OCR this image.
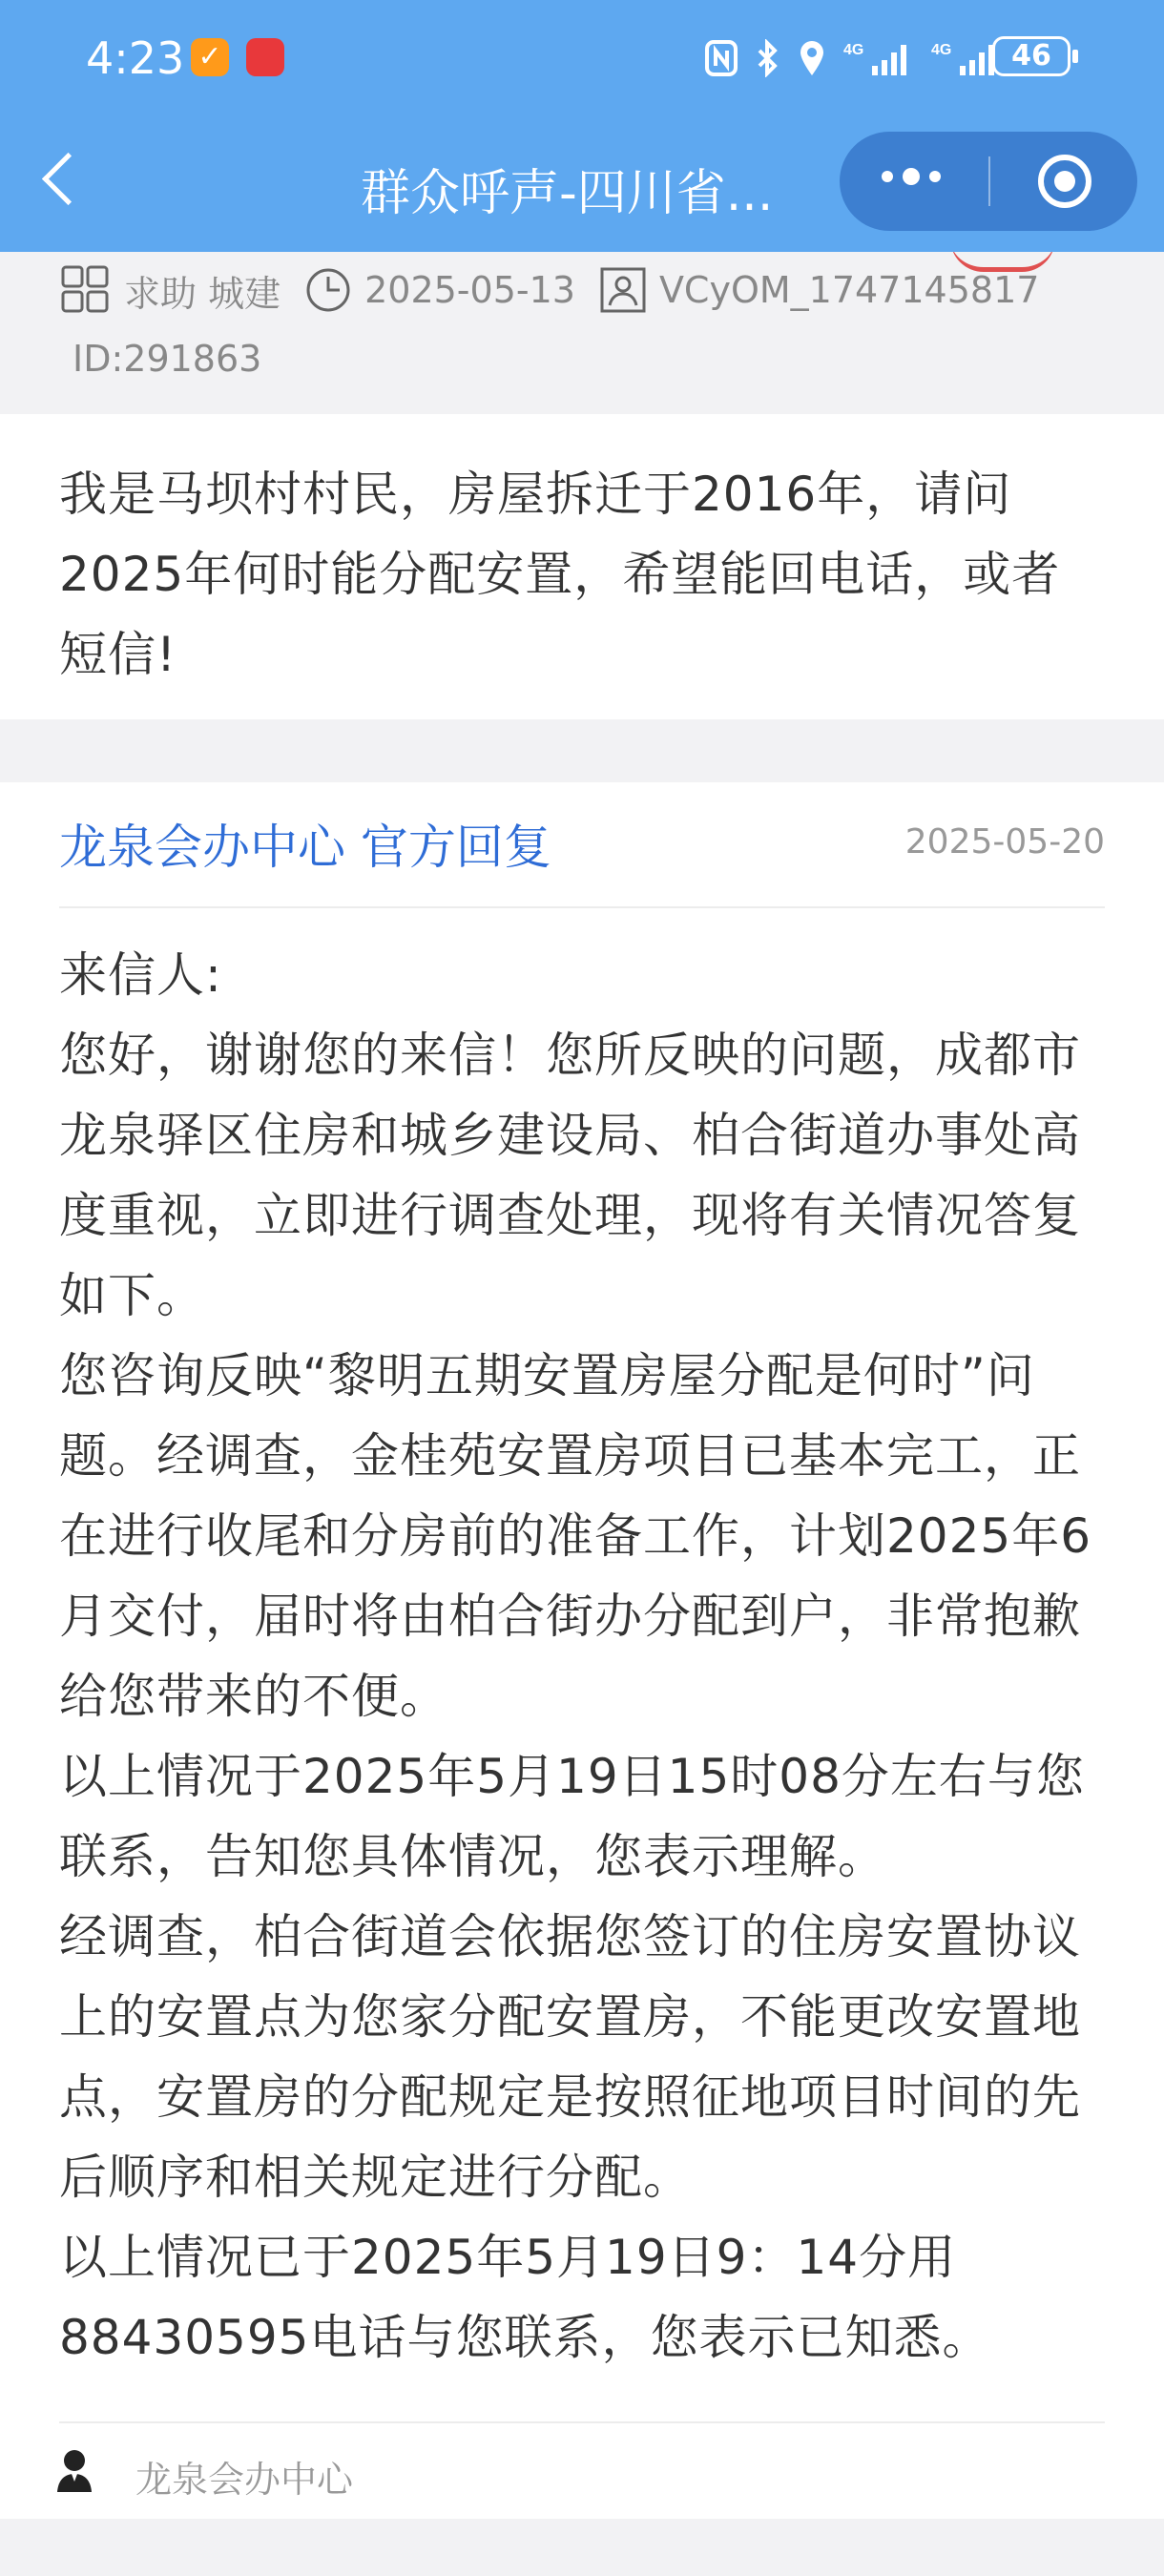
4:23 ✓	4G	4G	46
群众呼声-四川省...
求助 城建 2025-05-13 VCyOM_1747145817
ID:291863

我是马坝村村民，房屋拆迁于2016年，请问2025年何时能分配安置，希望能回电话，或者短信!

龙泉会办中心 官方回复	2025-05-20
来信人:
您好，谢谢您的来信！您所反映的问题，成都市龙泉驿区住房和城乡建设局、柏合街道办事处高度重视，立即进行调查处理，现将有关情况答复如下。
您咨询反映“黎明五期安置房屋分配是何时”问题。经调查，金桂苑安置房项目已基本完工，正在进行收尾和分房前的准备工作，计划2025年6月交付，届时将由柏合街办分配到户，非常抱歉给您带来的不便。
以上情况于2025年5月19日15时08分左右与您联系，告知您具体情况，您表示理解。
经调查，柏合街道会依据您签订的住房安置协议上的安置点为您家分配安置房，不能更改安置地点，安置房的分配规定是按照征地项目时间的先后顺序和相关规定进行分配。
以上情况已于2025年5月19日9：14分用88430595电话与您联系，您表示已知悉。
龙泉会办中心
